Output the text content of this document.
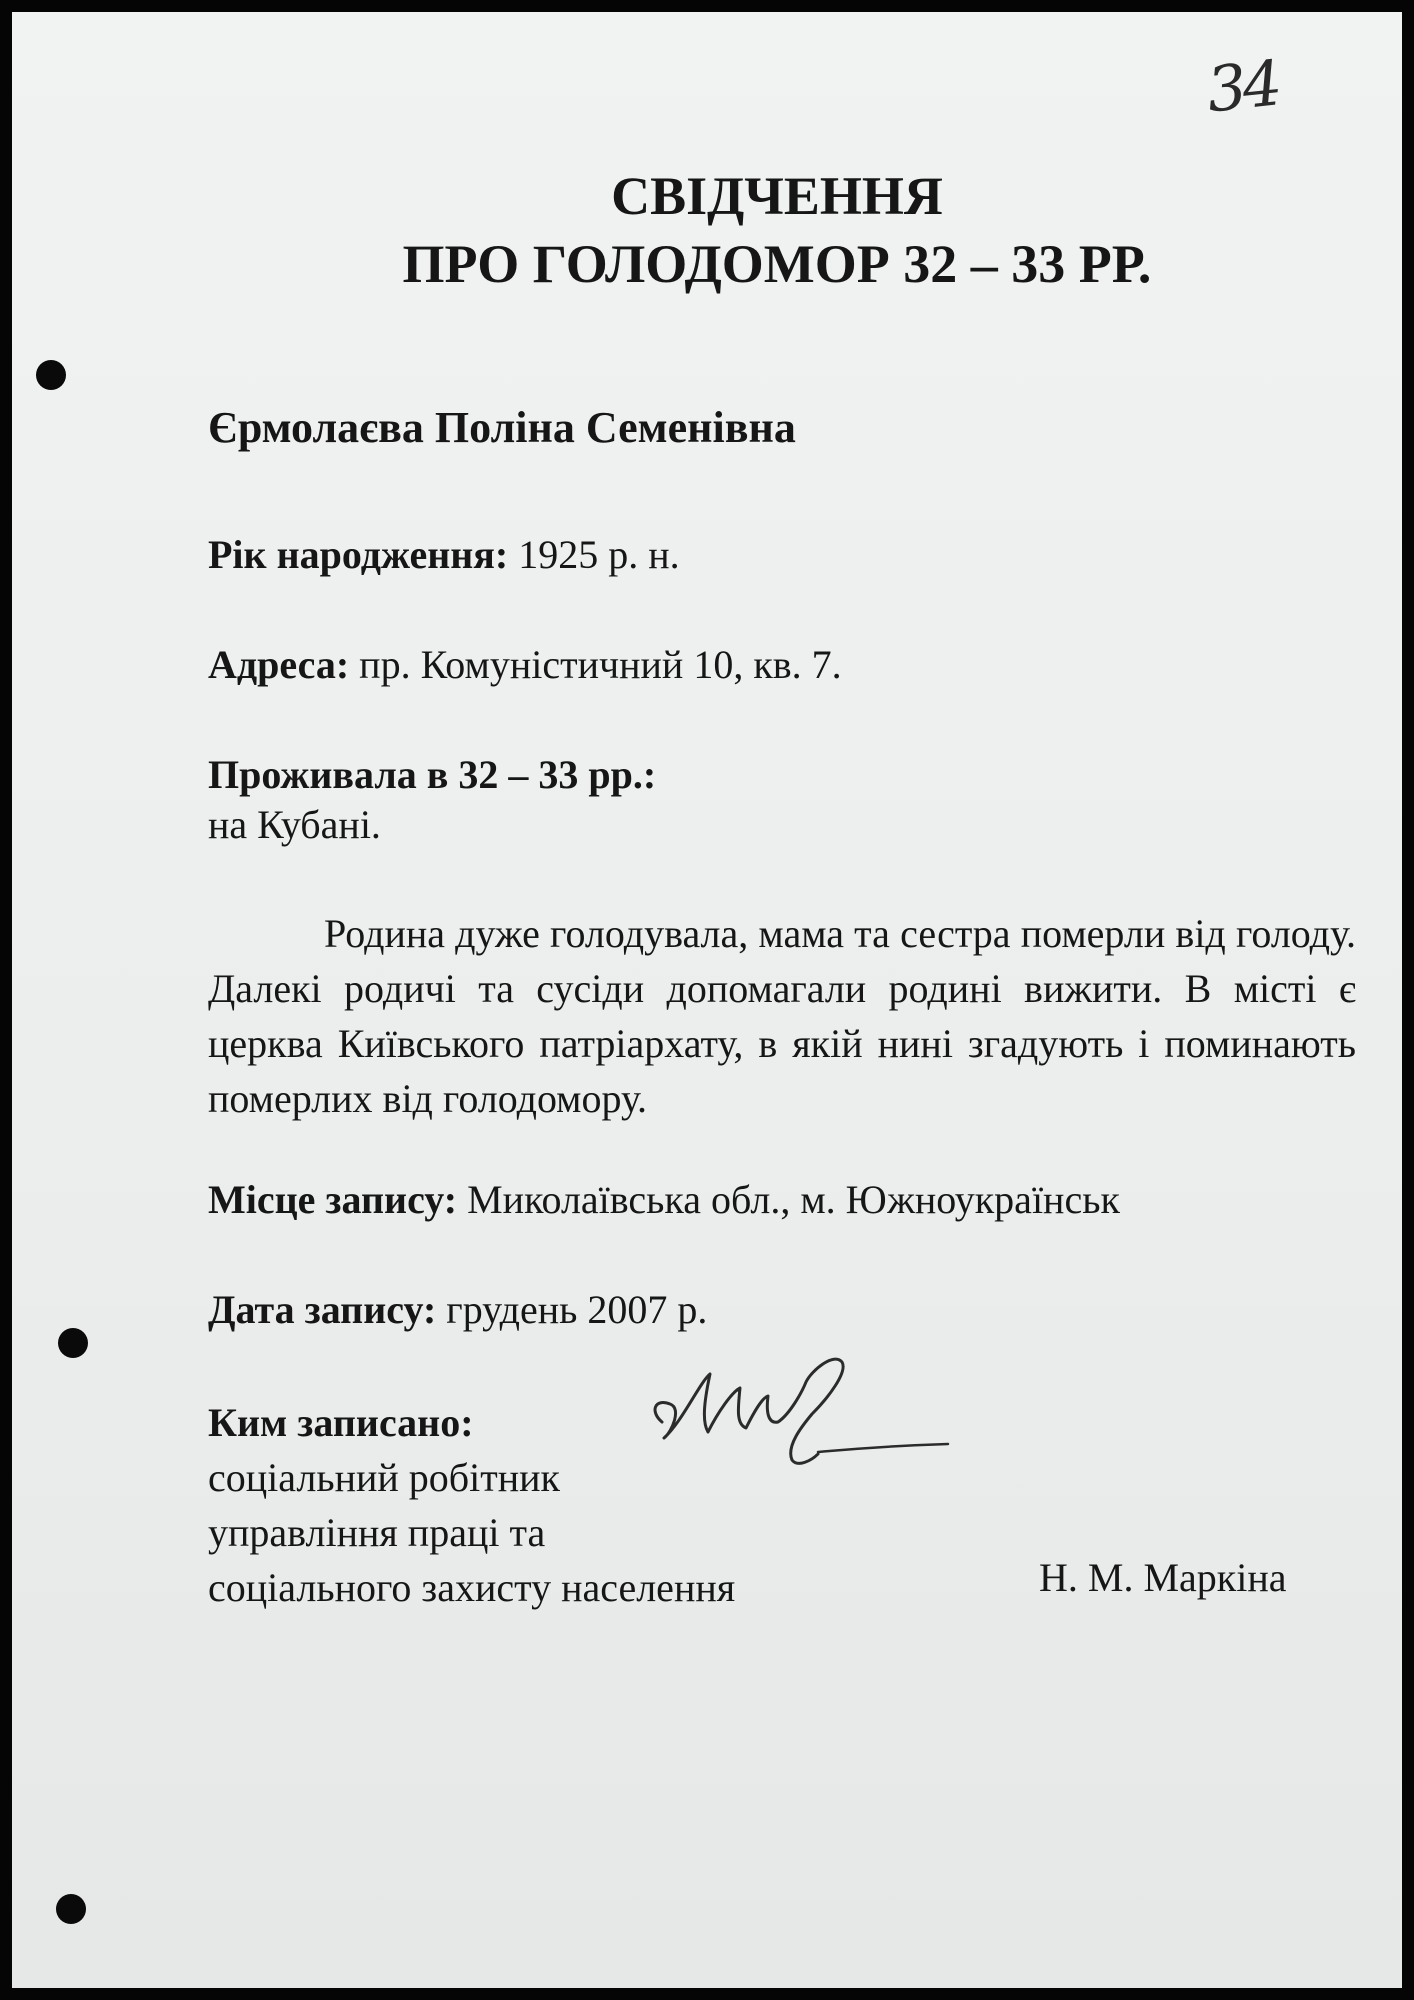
34
СВІДЧЕННЯ
ПРО ГОЛОДОМОР 32 – 33 РР.
Єрмолаєва Поліна Семенівна
Рік народження: 1925 р. н.
Адреса: пр. Комуністичний 10, кв. 7.
Проживала в 32 – 33 рр.:
на Кубані.
Родина дуже голодувала, мама та сестра померли від голоду. Далекі родичі та сусіди допомагали родині вижити. В місті є церква Київського патріархату, в якій нині згадують і поминають померлих від голодомору.
Місце запису: Миколаївська обл., м. Южноукраїнськ
Дата запису: грудень 2007 р.
Ким записано:
соціальний робітник
управління праці та
соціального захисту населення	Н. М. Маркіна
